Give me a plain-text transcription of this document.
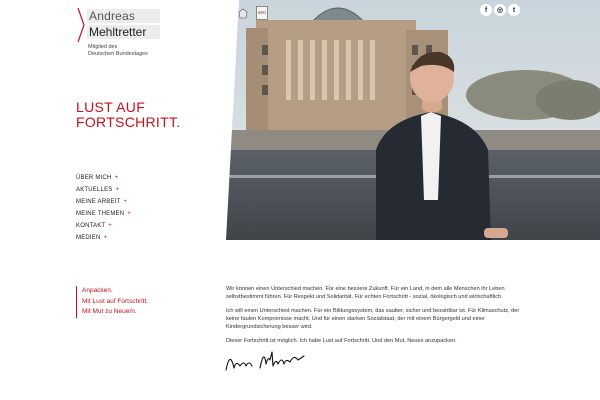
Andreas
Mehltretter
Mitglied des
Deutschen Bundestages
LUST AUF
FORTSCHRITT.
ÜBER MICH +
AKTUELLES +
MEINE ARBEIT +
MEINE THEMEN +
KONTAKT +
MEDIEN +
SPD	f	◎	t
Anpacken.
Mit Lust auf Fortschritt.
Mit Mut zu Neuem.

Wir können einen Unterschied machen. Für eine bessere Zukunft. Für ein Land, in dem alle Menschen ihr Leben selbstbestimmt führen. Für Respekt und Solidarität. Für echten Fortschritt - sozial, ökologisch und wirtschaftlich.

Ich will einen Unterschied machen. Für ein Bildungssystem, das sauber, sicher und bezahlbar ist. Für Klimaschutz, der keine faulen Kompromisse macht. Und für einen starken Sozialstaat, der mit einem Bürgergeld und einer Kindergrundsicherung besser wird.

Dieser Fortschritt ist möglich. Ich habe Lust auf Fortschritt. Und den Mut, Neues anzupacken.
